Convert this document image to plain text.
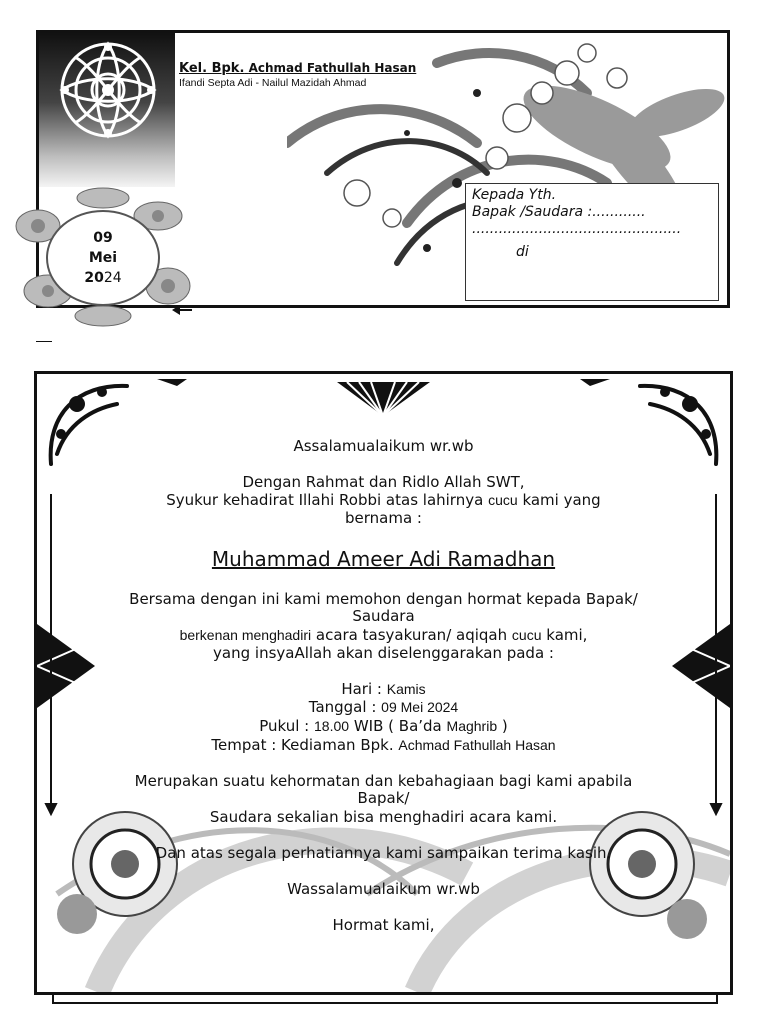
Kel. Bpk. Achmad Fathullah Hasan
Ifandi Septa Adi - Nailul Mazidah Ahmad
Kepada Yth.
Bapak /Saudara :............
...............................................
di
09
Mei
2024
Assalamualaikum wr.wb
Dengan Rahmat dan Ridlo Allah SWT,
Syukur kehadirat Illahi Robbi atas lahirnya cucu kami yang
bernama :
Muhammad Ameer Adi Ramadhan
Bersama dengan ini kami memohon dengan hormat kepada Bapak/
Saudara
berkenan menghadiri acara tasyakuran/ aqiqah cucu kami,
yang insyaAllah akan diselenggarakan pada :
Hari : Kamis
Tanggal : 09 Mei 2024
Pukul : 18.00 WIB ( Ba’da Maghrib )
Tempat : Kediaman Bpk. Achmad Fathullah Hasan
Merupakan suatu kehormatan dan kebahagiaan bagi kami apabila
Bapak/
Saudara sekalian bisa menghadiri acara kami.
Dan atas segala perhatiannya kami sampaikan terima kasih.
Wassalamualaikum wr.wb
Hormat kami,
